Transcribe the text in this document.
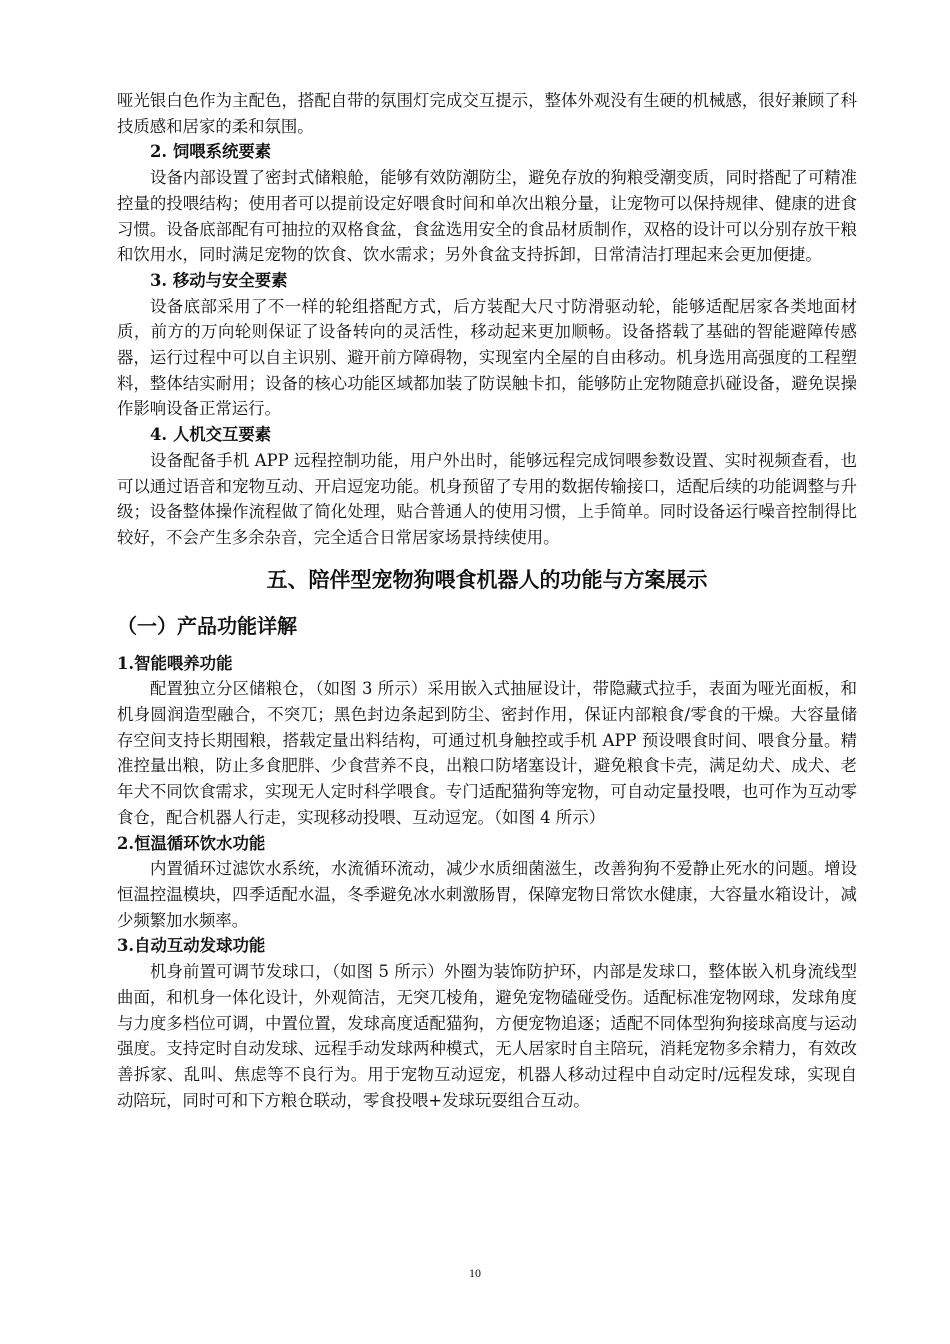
哑光银白色作为主配色，搭配自带的氛围灯完成交互提示，整体外观没有生硬的机械感，很好兼顾了科技质感和居家的柔和氛围。

2. 饲喂系统要素

设备内部设置了密封式储粮舱，能够有效防潮防尘，避免存放的狗粮受潮变质，同时搭配了可精准控量的投喂结构；使用者可以提前设定好喂食时间和单次出粮分量，让宠物可以保持规律、健康的进食习惯。设备底部配有可抽拉的双格食盆，食盆选用安全的食品材质制作，双格的设计可以分别存放干粮和饮用水，同时满足宠物的饮食、饮水需求；另外食盆支持拆卸，日常清洁打理起来会更加便捷。

3. 移动与安全要素

设备底部采用了不一样的轮组搭配方式，后方装配大尺寸防滑驱动轮，能够适配居家各类地面材质，前方的万向轮则保证了设备转向的灵活性，移动起来更加顺畅。设备搭载了基础的智能避障传感器，运行过程中可以自主识别、避开前方障碍物，实现室内全屋的自由移动。机身选用高强度的工程塑料，整体结实耐用；设备的核心功能区域都加装了防误触卡扣，能够防止宠物随意扒碰设备，避免误操作影响设备正常运行。

4. 人机交互要素

设备配备手机 APP 远程控制功能，用户外出时，能够远程完成饲喂参数设置、实时视频查看，也可以通过语音和宠物互动、开启逗宠功能。机身预留了专用的数据传输接口，适配后续的功能调整与升级；设备整体操作流程做了简化处理，贴合普通人的使用习惯，上手简单。同时设备运行噪音控制得比较好，不会产生多余杂音，完全适合日常居家场景持续使用。

五、陪伴型宠物狗喂食机器人的功能与方案展示
（一）产品功能详解
1.智能喂养功能

配置独立分区储粮仓，（如图 3 所示）采用嵌入式抽屉设计，带隐藏式拉手，表面为哑光面板，和机身圆润造型融合，不突兀；黑色封边条起到防尘、密封作用，保证内部粮食/零食的干燥。大容量储存空间支持长期囤粮，搭载定量出料结构，可通过机身触控或手机 APP 预设喂食时间、喂食分量。精准控量出粮，防止多食肥胖、少食营养不良，出粮口防堵塞设计，避免粮食卡壳，满足幼犬、成犬、老年犬不同饮食需求，实现无人定时科学喂食。专门适配猫狗等宠物，可自动定量投喂，也可作为互动零食仓，配合机器人行走，实现移动投喂、互动逗宠。（如图 4 所示）

2.恒温循环饮水功能

内置循环过滤饮水系统，水流循环流动，减少水质细菌滋生，改善狗狗不爱静止死水的问题。增设恒温控温模块，四季适配水温，冬季避免冰水刺激肠胃，保障宠物日常饮水健康，大容量水箱设计，减少频繁加水频率。

3.自动互动发球功能

机身前置可调节发球口，（如图 5 所示）外圈为装饰防护环，内部是发球口，整体嵌入机身流线型曲面，和机身一体化设计，外观简洁，无突兀棱角，避免宠物磕碰受伤。适配标准宠物网球，发球角度与力度多档位可调，中置位置，发球高度适配猫狗，方便宠物追逐；适配不同体型狗狗接球高度与运动强度。支持定时自动发球、远程手动发球两种模式，无人居家时自主陪玩，消耗宠物多余精力，有效改善拆家、乱叫、焦虑等不良行为。用于宠物互动逗宠，机器人移动过程中自动定时/远程发球，实现自动陪玩，同时可和下方粮仓联动，零食投喂+发球玩耍组合互动。

10
